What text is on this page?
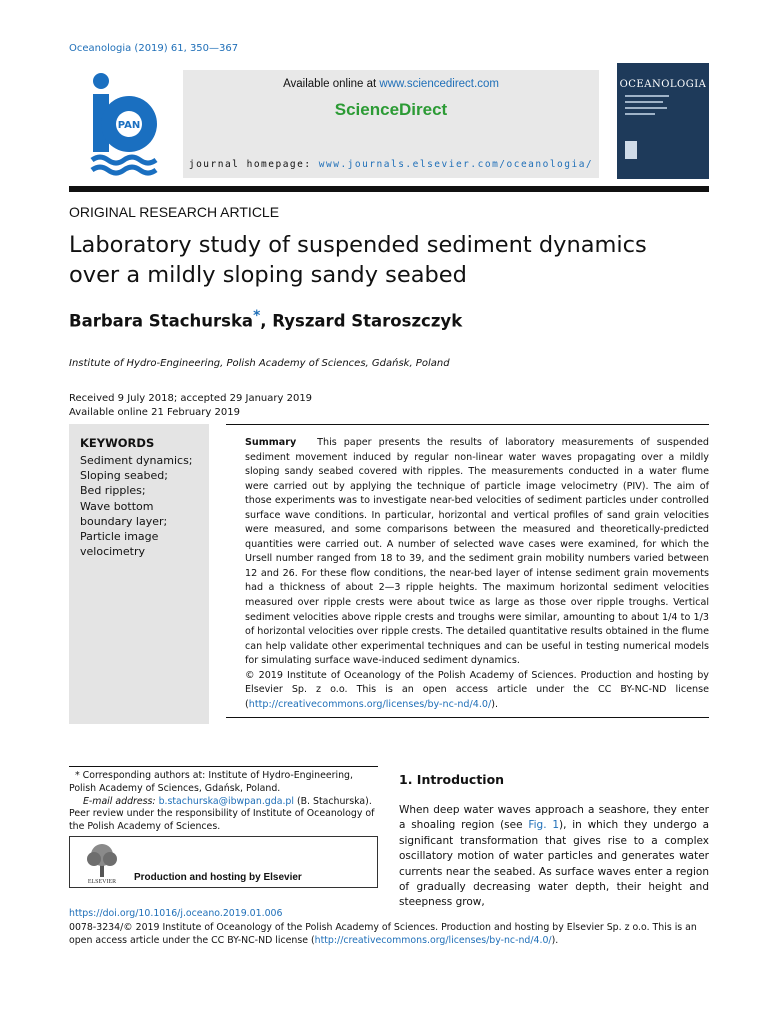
Oceanologia (2019) 61, 350—367
PAN
Available online at www.sciencedirect.com
ScienceDirect
journal homepage: www.journals.elsevier.com/oceanologia/
OCEANOLOGIA
ORIGINAL RESEARCH ARTICLE
Laboratory study of suspended sediment dynamics
over a mildly sloping sandy seabed
Barbara Stachurska*, Ryszard Staroszczyk
Institute of Hydro-Engineering, Polish Academy of Sciences, Gdańsk, Poland
Received 9 July 2018; accepted 29 January 2019
Available online 21 February 2019
KEYWORDS
Sediment dynamics;
Sloping seabed;
Bed ripples;
Wave bottom boundary layer;
Particle image velocimetry
Summary This paper presents the results of laboratory measurements of suspended sediment movement induced by regular non-linear water waves propagating over a mildly sloping sandy seabed covered with ripples. The measurements conducted in a water flume were carried out by applying the technique of particle image velocimetry (PIV). The aim of those experiments was to investigate near-bed velocities of sediment particles under controlled surface wave conditions. In particular, horizontal and vertical profiles of sand grain velocities were measured, and some comparisons between the measured and theoretically-predicted quantities were carried out. A number of selected wave cases were examined, for which the Ursell number ranged from 18 to 39, and the sediment grain mobility numbers varied between 12 and 26. For these flow conditions, the near-bed layer of intense sediment grain movements had a thickness of about 2—3 ripple heights. The maximum horizontal sediment velocities measured over ripple crests were about twice as large as those over ripple troughs. Vertical sediment velocities above ripple crests and troughs were similar, amounting to about 1/4 to 1/3 of horizontal velocities over ripple crests. The detailed quantitative results obtained in the flume can help validate other experimental techniques and can be useful in testing numerical models for simulating surface wave-induced sediment dynamics.
© 2019 Institute of Oceanology of the Polish Academy of Sciences. Production and hosting by Elsevier Sp. z o.o. This is an open access article under the CC BY-NC-ND license (http://creativecommons.org/licenses/by-nc-nd/4.0/).
* Corresponding authors at: Institute of Hydro-Engineering, Polish Academy of Sciences, Gdańsk, Poland.
E-mail address: b.stachurska@ibwpan.gda.pl (B. Stachurska).
Peer review under the responsibility of Institute of Oceanology of the Polish Academy of Sciences.
ELSEVIER Production and hosting by Elsevier
1. Introduction
When deep water waves approach a seashore, they enter a shoaling region (see Fig. 1), in which they undergo a significant transformation that gives rise to a complex oscillatory motion of water particles and generates water currents near the seabed. As surface waves enter a region of gradually decreasing water depth, their height and steepness grow,
https://doi.org/10.1016/j.oceano.2019.01.006
0078-3234/© 2019 Institute of Oceanology of the Polish Academy of Sciences. Production and hosting by Elsevier Sp. z o.o. This is an open access article under the CC BY-NC-ND license (http://creativecommons.org/licenses/by-nc-nd/4.0/).
